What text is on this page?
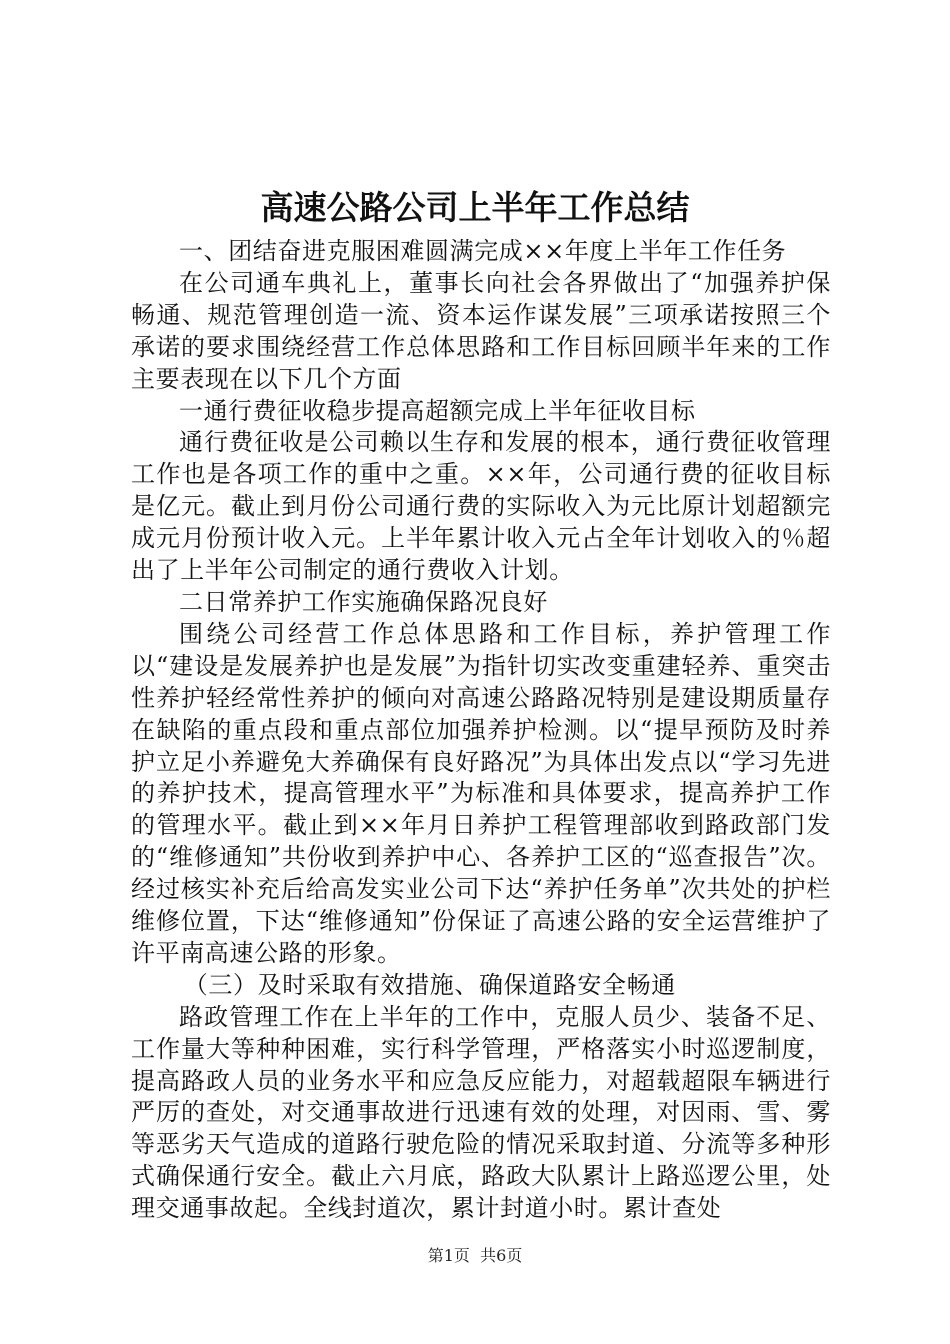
高速公路公司上半年工作总结

一、团结奋进克服困难圆满完成××年度上半年工作任务

在公司通车典礼上，董事长向社会各界做出了“加强养护保畅通、规范管理创造一流、资本运作谋发展”三项承诺按照三个承诺的要求围绕经营工作总体思路和工作目标回顾半年来的工作主要表现在以下几个方面

一通行费征收稳步提高超额完成上半年征收目标

通行费征收是公司赖以生存和发展的根本，通行费征收管理工作也是各项工作的重中之重。××年，公司通行费的征收目标是亿元。截止到月份公司通行费的实际收入为元比原计划超额完成元月份预计收入元。上半年累计收入元占全年计划收入的％超出了上半年公司制定的通行费收入计划。

二日常养护工作实施确保路况良好

围绕公司经营工作总体思路和工作目标，养护管理工作以“建设是发展养护也是发展”为指针切实改变重建轻养、重突击性养护轻经常性养护的倾向对高速公路路况特别是建设期质量存在缺陷的重点段和重点部位加强养护检测。以“提早预防及时养护立足小养避免大养确保有良好路况”为具体出发点以“学习先进的养护技术，提高管理水平”为标准和具体要求，提高养护工作的管理水平。截止到××年月日养护工程管理部收到路政部门发的“维修通知”共份收到养护中心、各养护工区的“巡查报告”次。经过核实补充后给高发实业公司下达“养护任务单”次共处的护栏维修位置，下达“维修通知”份保证了高速公路的安全运营维护了许平南高速公路的形象。

（三）及时采取有效措施、确保道路安全畅通

路政管理工作在上半年的工作中，克服人员少、装备不足、工作量大等种种困难，实行科学管理，严格落实小时巡逻制度，提高路政人员的业务水平和应急反应能力，对超载超限车辆进行严厉的查处，对交通事故进行迅速有效的处理，对因雨、雪、雾等恶劣天气造成的道路行驶危险的情况采取封道、分流等多种形式确保通行安全。截止六月底，路政大队累计上路巡逻公里，处理交通事故起。全线封道次，累计封道小时。累计查处

第1页 共6页
